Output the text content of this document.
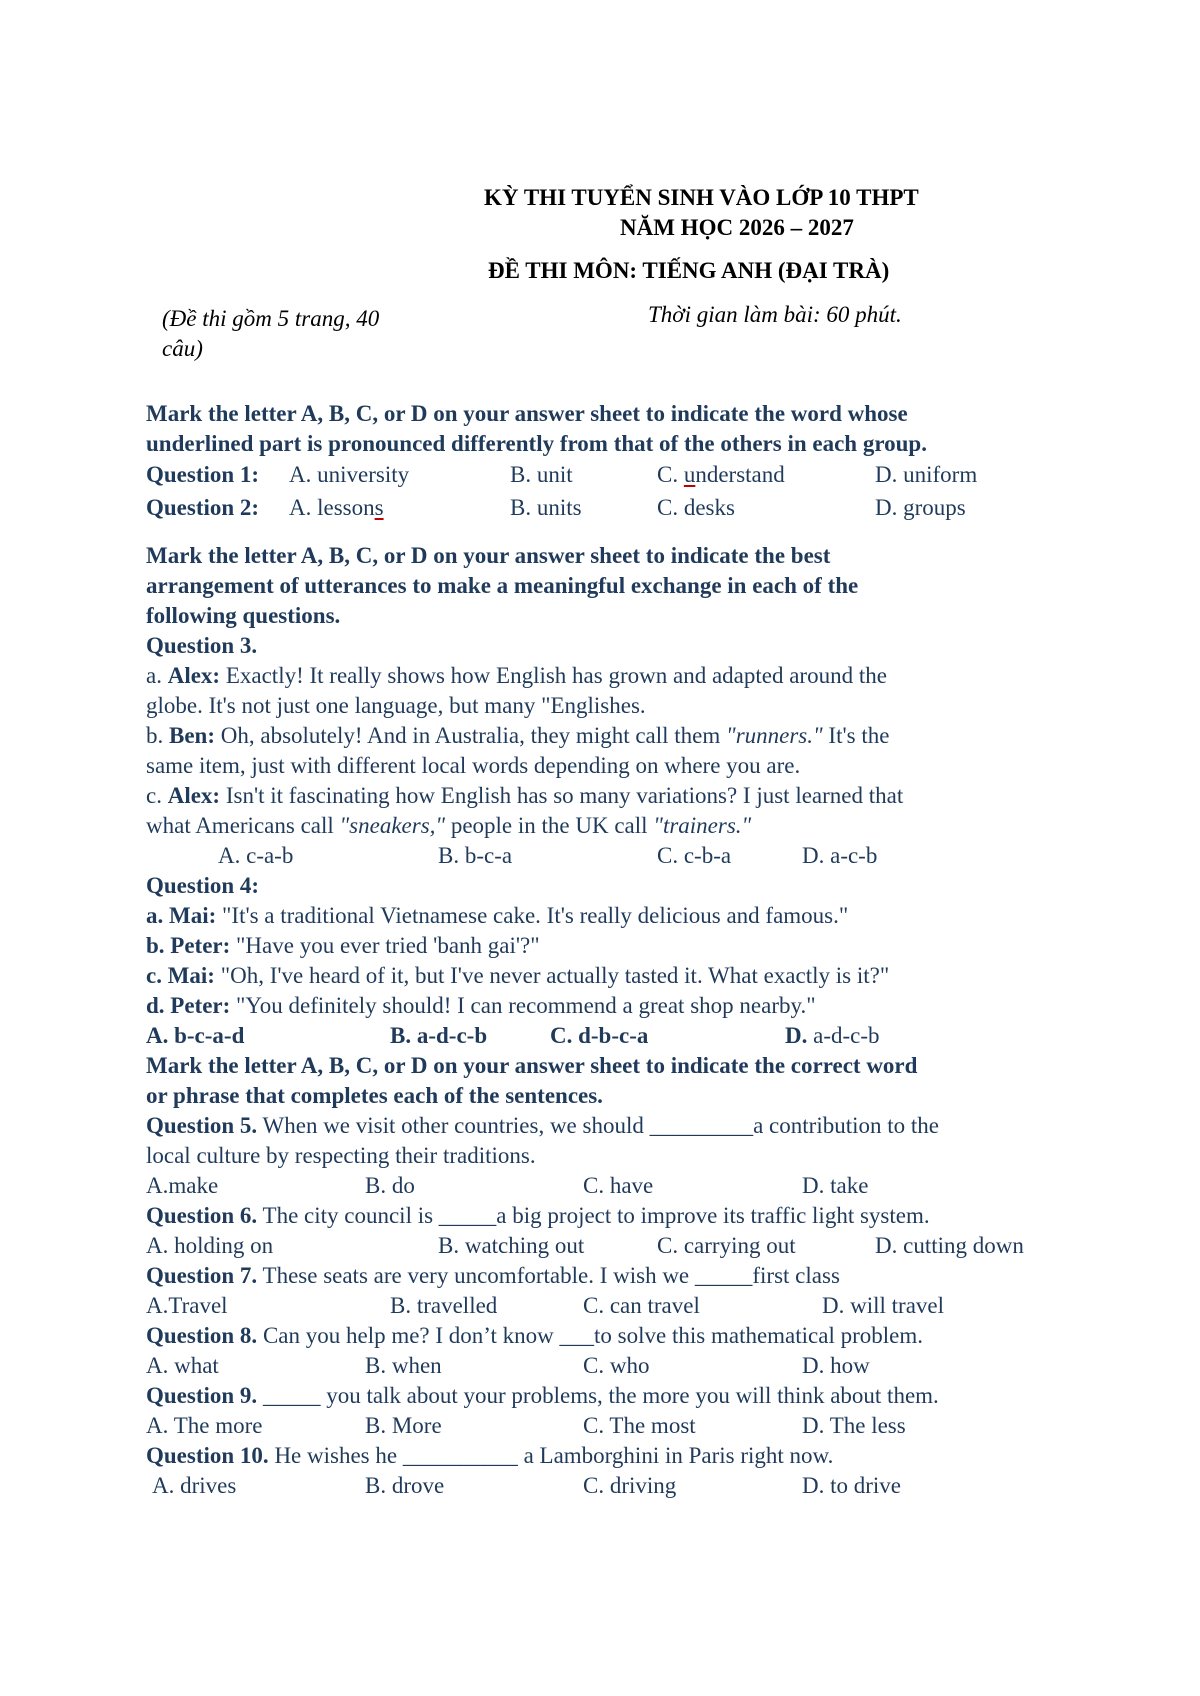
KỲ THI TUYỂN SINH VÀO LỚP 10 THPT
NĂM HỌC 2026 – 2027
ĐỀ THI MÔN: TIẾNG ANH (ĐẠI TRÀ)
(Đề thi gồm 5 trang, 40
câu)
Thời gian làm bài: 60 phút.
Mark the letter A, B, C, or D on your answer sheet to indicate the word whose
underlined part is pronounced differently from that of the others in each group.
Question 1: A. university	B. unit	C. understand	D. uniform
Question 2: A. lessons	B. units	C. desks	D. groups
Mark the letter A, B, C, or D on your answer sheet to indicate the best
arrangement of utterances to make a meaningful exchange in each of the
following questions.
Question 3.
a. Alex: Exactly! It really shows how English has grown and adapted around the
globe. It's not just one language, but many "Englishes.
b. Ben: Oh, absolutely! And in Australia, they might call them "runners." It's the
same item, just with different local words depending on where you are.
c. Alex: Isn't it fascinating how English has so many variations? I just learned that
what Americans call "sneakers," people in the UK call "trainers."
A. c-a-b	B. b-c-a	C. c-b-a	D. a-c-b
Question 4:
a. Mai: "It's a traditional Vietnamese cake. It's really delicious and famous."
b. Peter: "Have you ever tried 'banh gai'?"
c. Mai: "Oh, I've heard of it, but I've never actually tasted it. What exactly is it?"
d. Peter: "You definitely should! I can recommend a great shop nearby."
A. b-c-a-d	B. a-d-c-b	C. d-b-c-a	D. a-d-c-b
Mark the letter A, B, C, or D on your answer sheet to indicate the correct word
or phrase that completes each of the sentences.
Question 5. When we visit other countries, we should _________a contribution to the
local culture by respecting their traditions.
A.make	B. do	C. have	D. take
Question 6. The city council is _____a big project to improve its traffic light system.
A. holding on	B. watching out	C. carrying out	D. cutting down
Question 7. These seats are very uncomfortable. I wish we _____first class
A.Travel	B. travelled	C. can travel	D. will travel
Question 8. Can you help me? I don’t know ___to solve this mathematical problem.
A. what	B. when	C. who	D. how
Question 9. _____ you talk about your problems, the more you will think about them.
A. The more	B. More	C. The most	D. The less
Question 10. He wishes he __________ a Lamborghini in Paris right now.
A. drives	B. drove	C. driving	D. to drive
